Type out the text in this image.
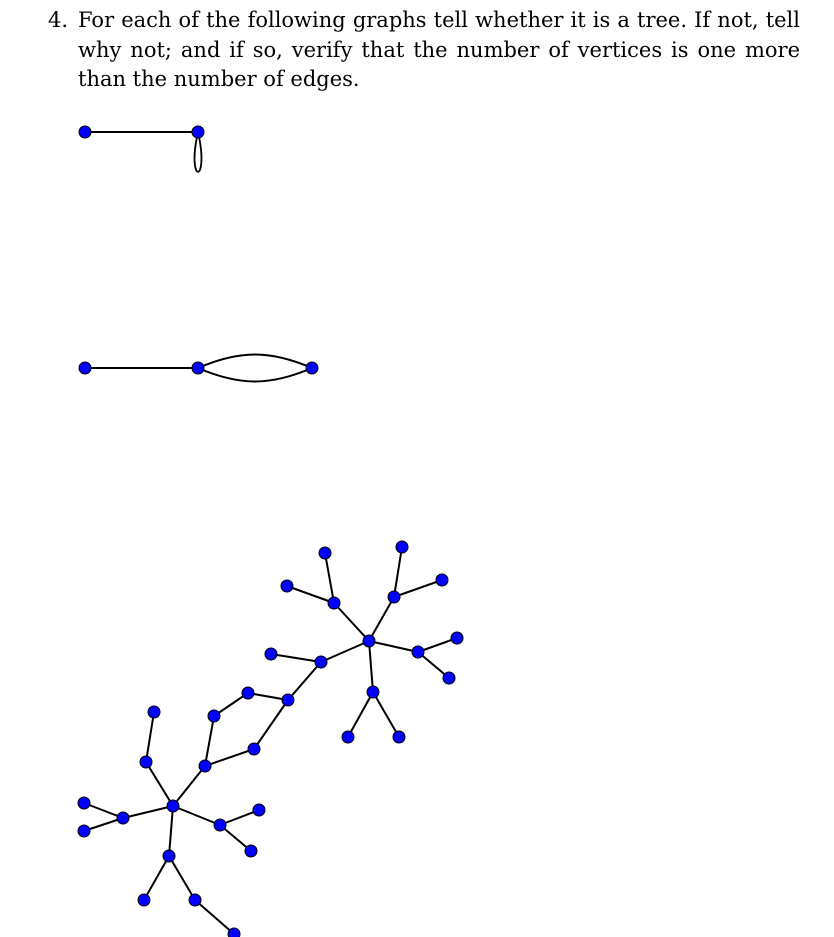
4. For each of the following graphs tell whether it is a tree. If not, tell why not; and if so, verify that the number of vertices is one more than the number of edges.
